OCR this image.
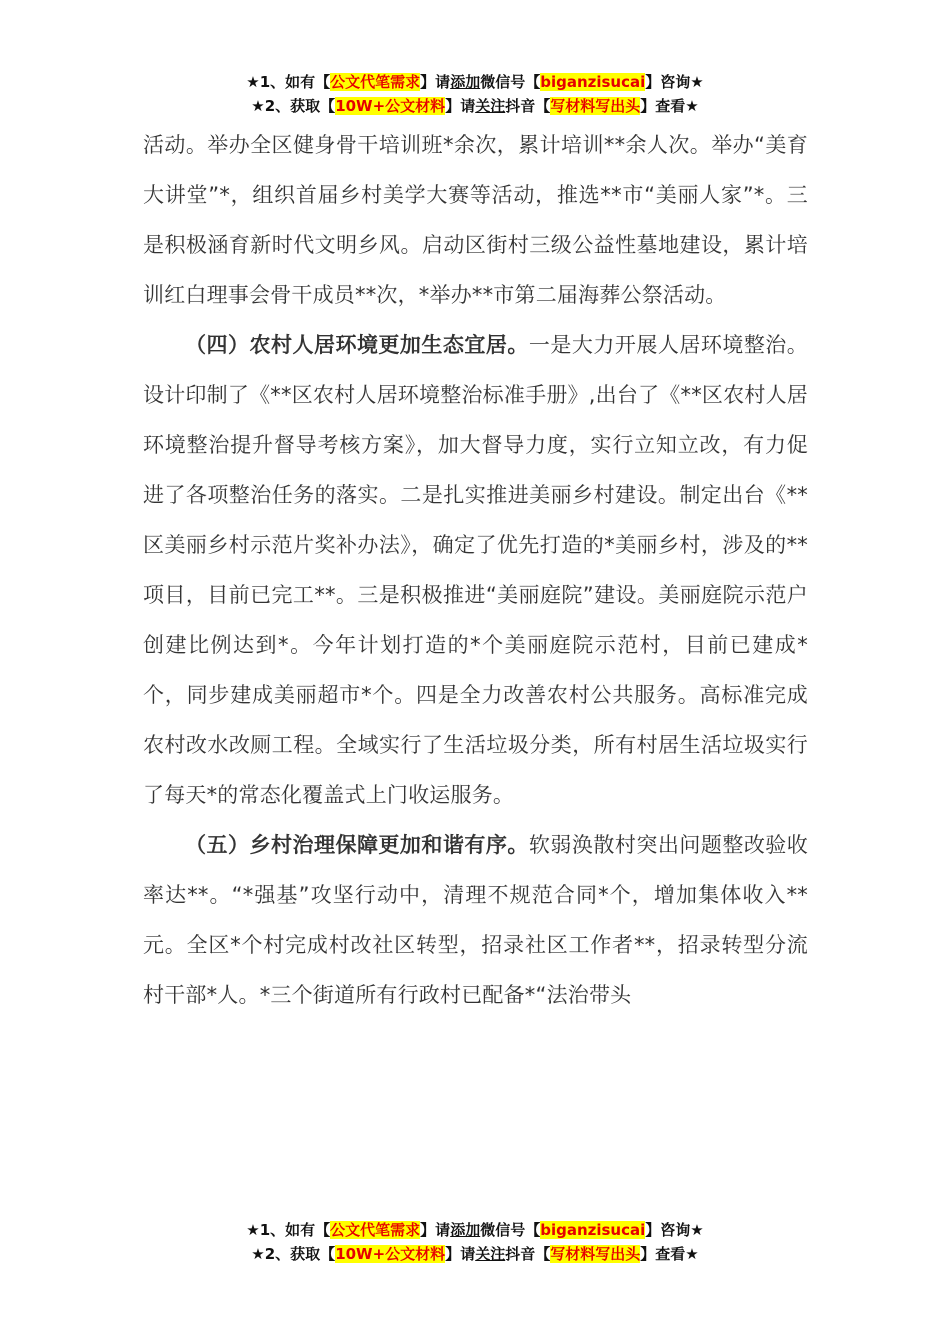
★1、如有【公文代笔需求】请添加微信号【biganzisucai】咨询★
★2、获取【10W+公文材料】请关注抖音【写材料写出头】查看★

活动。举办全区健身骨干培训班*余次，累计培训**余人次。举办“美育大讲堂”*，组织首届乡村美学大赛等活动，推选**市“美丽人家”*。三是积极涵育新时代文明乡风。启动区街村三级公益性墓地建设，累计培训红白理事会骨干成员**次，*举办**市第二届海葬公祭活动。

（四）农村人居环境更加生态宜居。一是大力开展人居环境整治。设计印制了《**区农村人居环境整治标准手册》,出台了《**区农村人居环境整治提升督导考核方案》，加大督导力度，实行立知立改，有力促进了各项整治任务的落实。二是扎实推进美丽乡村建设。制定出台《**区美丽乡村示范片奖补办法》，确定了优先打造的*美丽乡村，涉及的**项目，目前已完工**。三是积极推进“美丽庭院”建设。美丽庭院示范户创建比例达到*。今年计划打造的*个美丽庭院示范村，目前已建成*个，同步建成美丽超市*个。四是全力改善农村公共服务。高标准完成农村改水改厕工程。全域实行了生活垃圾分类，所有村居生活垃圾实行了每天*的常态化覆盖式上门收运服务。

（五）乡村治理保障更加和谐有序。软弱涣散村突出问题整改验收率达**。“*强基”攻坚行动中，清理不规范合同*个，增加集体收入**元。全区*个村完成村改社区转型，招录社区工作者**，招录转型分流村干部*人。*三个街道所有行政村已配备*“法治带头

★1、如有【公文代笔需求】请添加微信号【biganzisucai】咨询★
★2、获取【10W+公文材料】请关注抖音【写材料写出头】查看★
